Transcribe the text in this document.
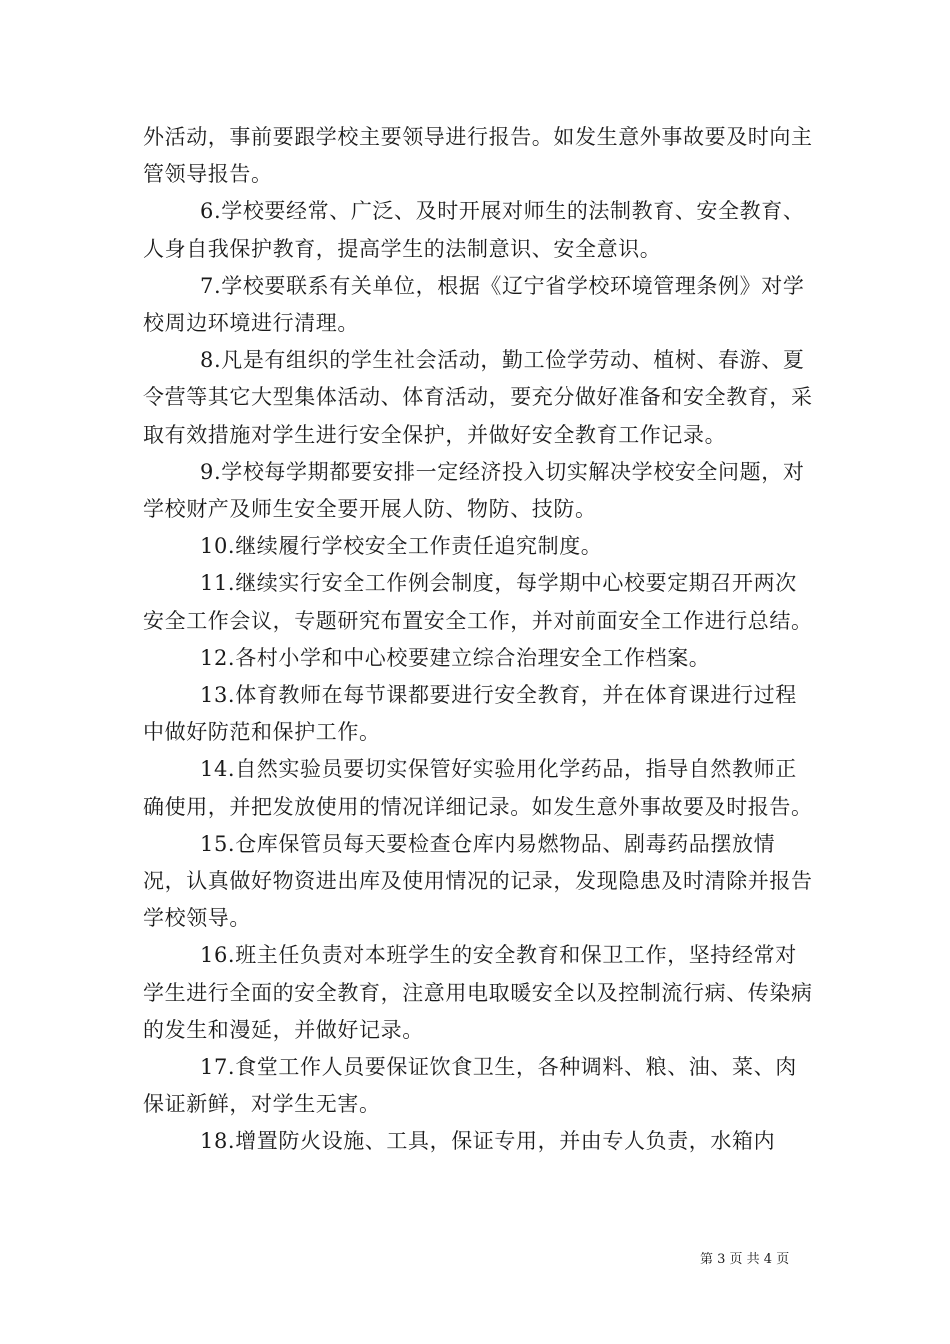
外活动，事前要跟学校主要领导进行报告。如发生意外事故要及时向主管领导报告。

6.学校要经常、广泛、及时开展对师生的法制教育、安全教育、人身自我保护教育，提高学生的法制意识、安全意识。

7.学校要联系有关单位，根据《辽宁省学校环境管理条例》对学校周边环境进行清理。

8.凡是有组织的学生社会活动，勤工俭学劳动、植树、春游、夏令营等其它大型集体活动、体育活动，要充分做好准备和安全教育，采取有效措施对学生进行安全保护，并做好安全教育工作记录。

9.学校每学期都要安排一定经济投入切实解决学校安全问题，对学校财产及师生安全要开展人防、物防、技防。

10.继续履行学校安全工作责任追究制度。

11.继续实行安全工作例会制度，每学期中心校要定期召开两次安全工作会议，专题研究布置安全工作，并对前面安全工作进行总结。

12.各村小学和中心校要建立综合治理安全工作档案。

13.体育教师在每节课都要进行安全教育，并在体育课进行过程中做好防范和保护工作。

14.自然实验员要切实保管好实验用化学药品，指导自然教师正确使用，并把发放使用的情况详细记录。如发生意外事故要及时报告。

15.仓库保管员每天要检查仓库内易燃物品、剧毒药品摆放情况，认真做好物资进出库及使用情况的记录，发现隐患及时清除并报告学校领导。

16.班主任负责对本班学生的安全教育和保卫工作，坚持经常对学生进行全面的安全教育，注意用电取暖安全以及控制流行病、传染病的发生和漫延，并做好记录。

17.食堂工作人员要保证饮食卫生，各种调料、粮、油、菜、肉保证新鲜，对学生无害。

18.增置防火设施、工具，保证专用，并由专人负责，水箱内

第 3 页 共 4 页
